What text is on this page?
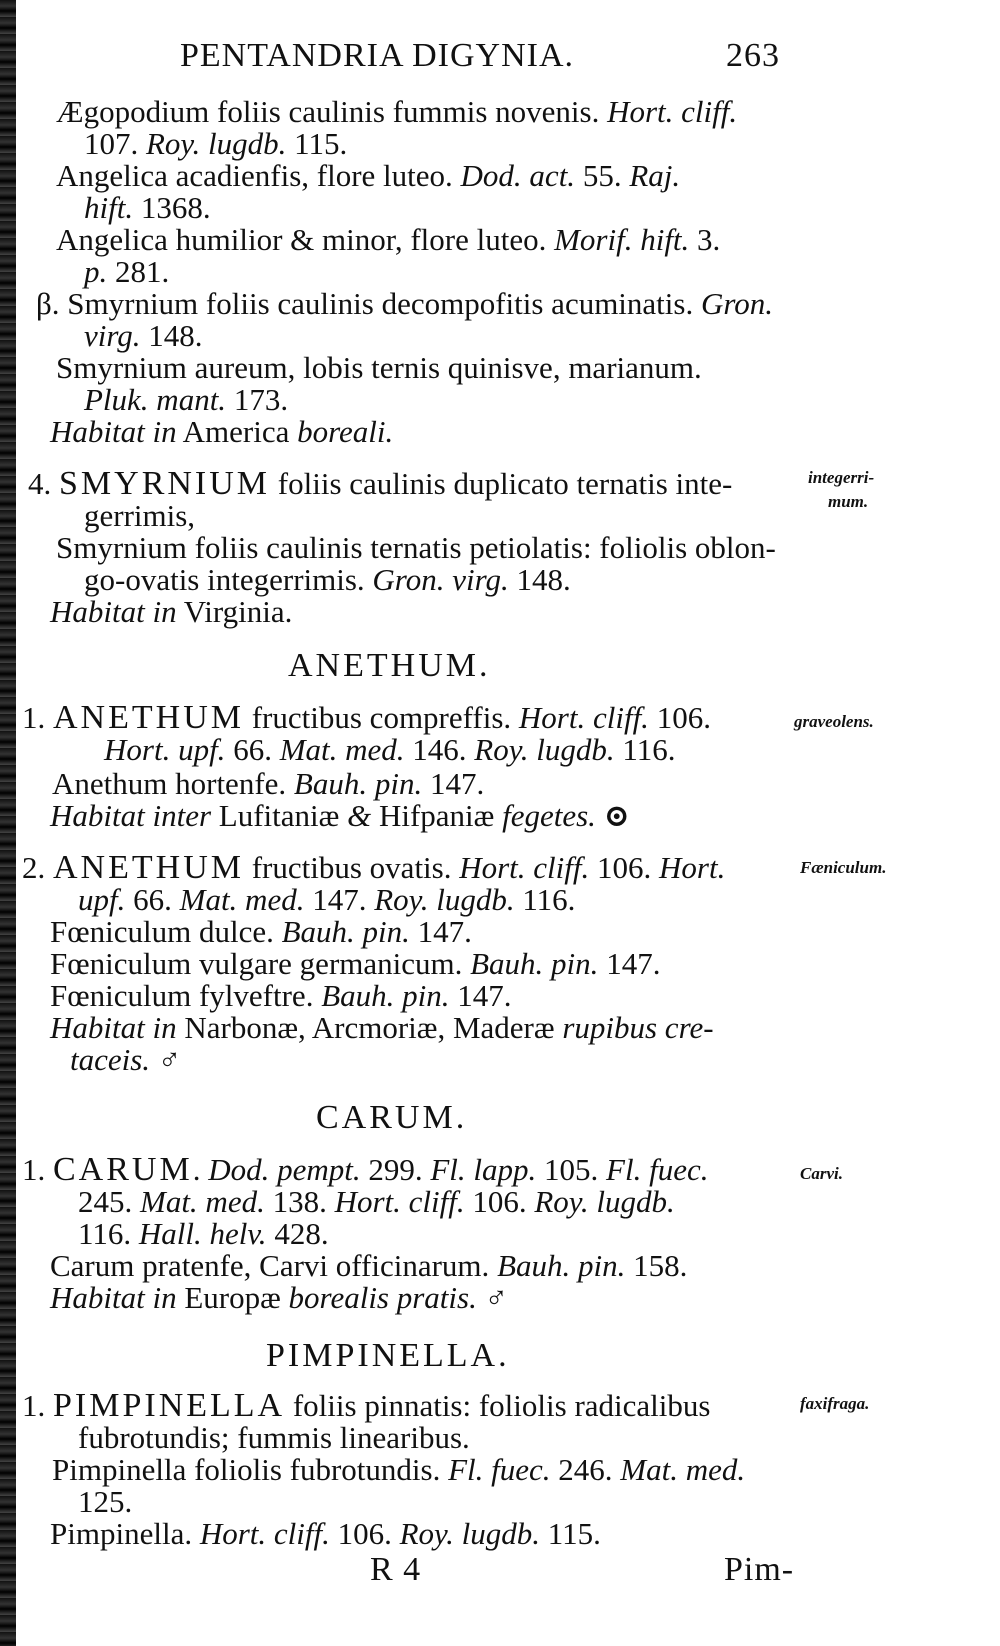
PENTANDRIA DIGYNIA.	263
Ægopodium foliis caulinis fummis novenis. Hort. cliff.
107. Roy. lugdb. 115.
Angelica acadienfis, flore luteo. Dod. act. 55. Raj.
hift. 1368.
Angelica humilior & minor, flore luteo. Morif. hift. 3.
p. 281.
β. Smyrnium foliis caulinis decompofitis acuminatis. Gron.
virg. 148.
Smyrnium aureum, lobis ternis quinisve, marianum.
Pluk. mant. 173.
Habitat in America boreali.
4. SMYRNIUM foliis caulinis duplicato ternatis inte-	integerri-
mum.
gerrimis,
Smyrnium foliis caulinis ternatis petiolatis: foliolis oblon-
go-ovatis integerrimis. Gron. virg. 148.
Habitat in Virginia.
ANETHUM.
1. ANETHUM fructibus compreffis. Hort. cliff. 106.	graveolens.
Hort. upf. 66. Mat. med. 146. Roy. lugdb. 116.
Anethum hortenfe. Bauh. pin. 147.
Habitat inter Lufitaniæ & Hifpaniæ fegetes. ⊙
2. ANETHUM fructibus ovatis. Hort. cliff. 106. Hort.	Fæniculum.
upf. 66. Mat. med. 147. Roy. lugdb. 116.
Fœniculum dulce. Bauh. pin. 147.
Fœniculum vulgare germanicum. Bauh. pin. 147.
Fœniculum fylveftre. Bauh. pin. 147.
Habitat in Narbonæ, Arcmoriæ, Maderæ rupibus cre-
taceis. ♂
CARUM.
1. CARUM. Dod. pempt. 299. Fl. lapp. 105. Fl. fuec.	Carvi.
245. Mat. med. 138. Hort. cliff. 106. Roy. lugdb.
116. Hall. helv. 428.
Carum pratenfe, Carvi officinarum. Bauh. pin. 158.
Habitat in Europæ borealis pratis. ♂
PIMPINELLA.
1. PIMPINELLA foliis pinnatis: foliolis radicalibus	faxifraga.
fubrotundis; fummis linearibus.
Pimpinella foliolis fubrotundis. Fl. fuec. 246. Mat. med.
125.
Pimpinella. Hort. cliff. 106. Roy. lugdb. 115.
R 4	Pim-
